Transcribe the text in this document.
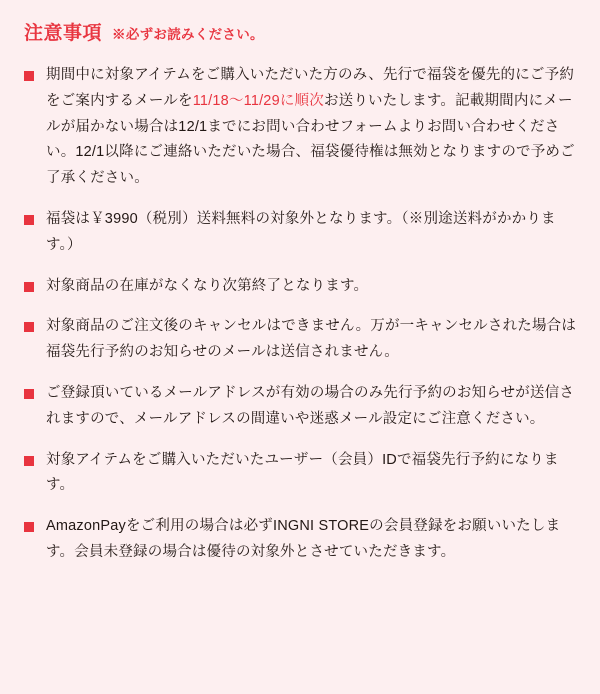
注意事項 ※必ずお読みください。

期間中に対象アイテムをご購入いただいた方のみ、先行で福袋を優先的にご予約をご案内するメールを11/18〜11/29に順次お送りいたします。記載期間内にメールが届かない場合は12/1までにお問い合わせフォームよりお問い合わせください。12/1以降にご連絡いただいた場合、福袋優待権は無効となりますので予めご了承ください。

福袋は￥3990（税別）送料無料の対象外となります。（※別途送料がかかります。）

対象商品の在庫がなくなり次第終了となります。

対象商品のご注文後のキャンセルはできません。万が一キャンセルされた場合は福袋先行予約のお知らせのメールは送信されません。

ご登録頂いているメールアドレスが有効の場合のみ先行予約のお知らせが送信されますので、メールアドレスの間違いや迷惑メール設定にご注意ください。

対象アイテムをご購入いただいたユーザー（会員）IDで福袋先行予約になります。

AmazonPayをご利用の場合は必ずINGNI STOREの会員登録をお願いいたします。会員未登録の場合は優待の対象外とさせていただきます。
